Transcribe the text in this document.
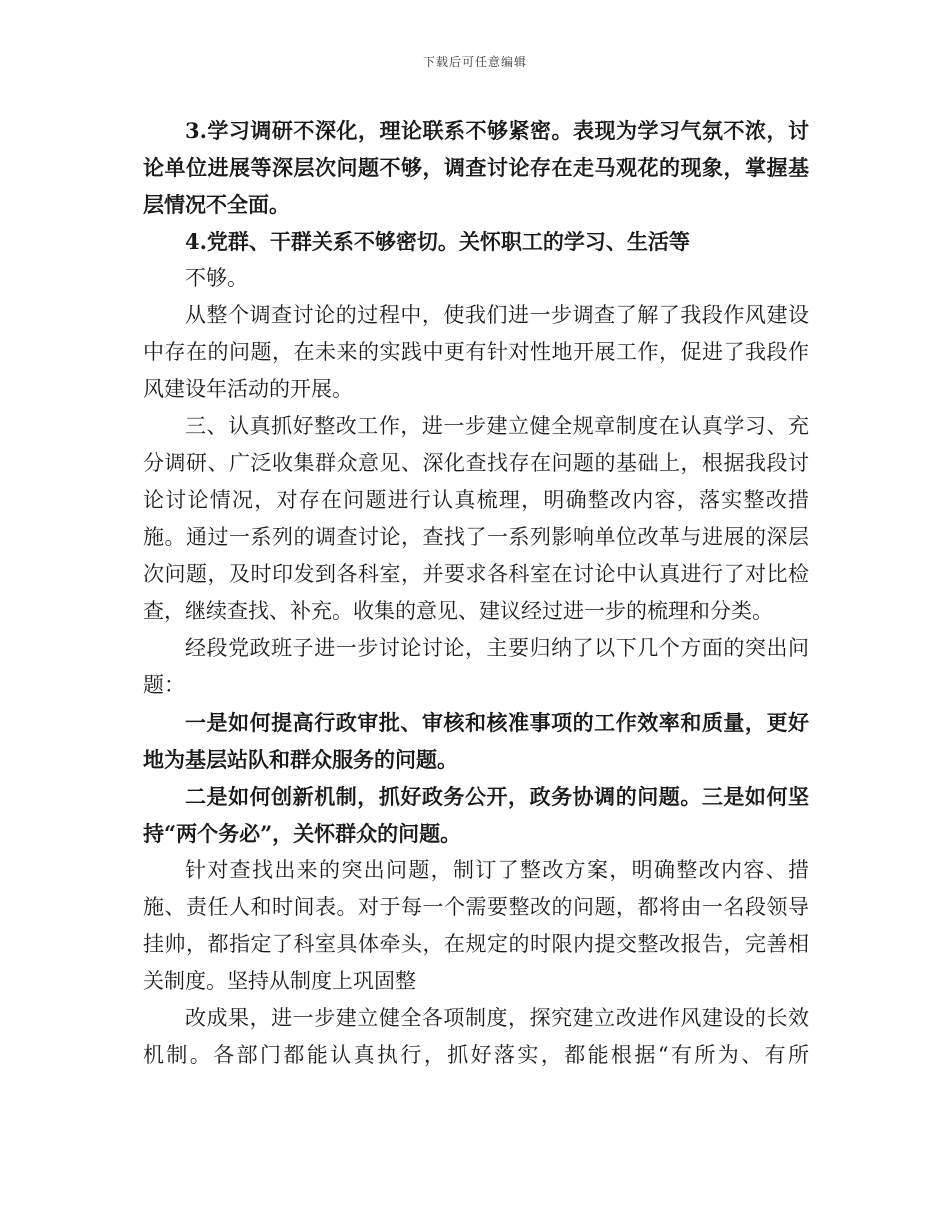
下载后可任意编辑

3.学习调研不深化，理论联系不够紧密。表现为学习气氛不浓，讨论单位进展等深层次问题不够，调查讨论存在走马观花的现象，掌握基层情况不全面。

4.党群、干群关系不够密切。关怀职工的学习、生活等

不够。

从整个调查讨论的过程中，使我们进一步调查了解了我段作风建设中存在的问题，在未来的实践中更有针对性地开展工作，促进了我段作风建设年活动的开展。

三、认真抓好整改工作，进一步建立健全规章制度在认真学习、充分调研、广泛收集群众意见、深化查找存在问题的基础上，根据我段讨论讨论情况，对存在问题进行认真梳理，明确整改内容，落实整改措施。通过一系列的调查讨论，查找了一系列影响单位改革与进展的深层次问题，及时印发到各科室，并要求各科室在讨论中认真进行了对比检查，继续查找、补充。收集的意见、建议经过进一步的梳理和分类。

经段党政班子进一步讨论讨论，主要归纳了以下几个方面的突出问题：

一是如何提高行政审批、审核和核准事项的工作效率和质量，更好地为基层站队和群众服务的问题。

二是如何创新机制，抓好政务公开，政务协调的问题。三是如何坚持“两个务必”，关怀群众的问题。

针对查找出来的突出问题，制订了整改方案，明确整改内容、措施、责任人和时间表。对于每一个需要整改的问题，都将由一名段领导挂帅，都指定了科室具体牵头，在规定的时限内提交整改报告，完善相关制度。坚持从制度上巩固整

改成果，进一步建立健全各项制度，探究建立改进作风建设的长效机制。各部门都能认真执行，抓好落实，都能根据“有所为、有所
